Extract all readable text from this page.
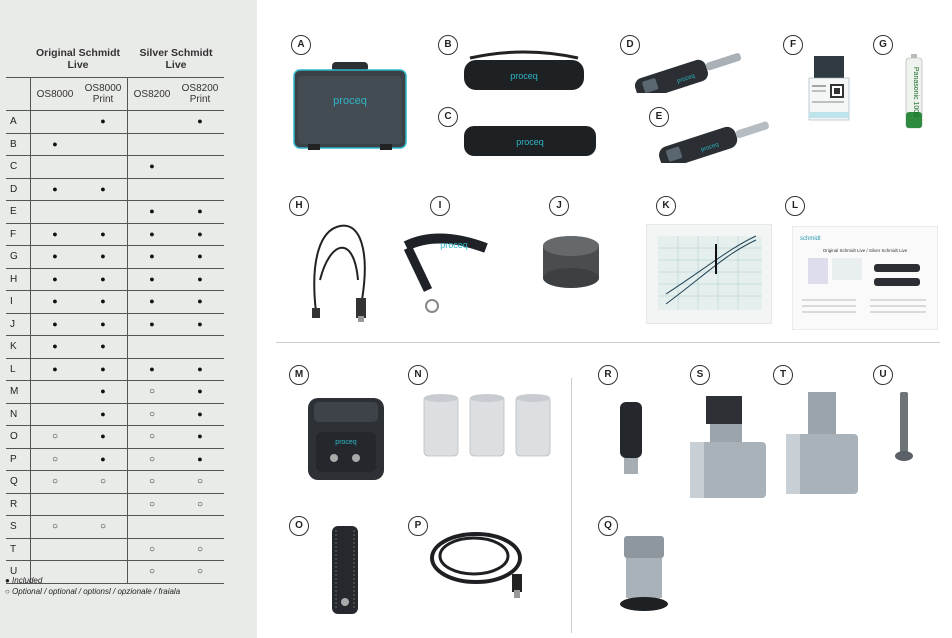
Original Schmidt Live
Silver Schmidt Live
	OS8000	OS8000 Print	OS8200	OS8200 Print
A		●		●
B	●			
C			●	
D	●	●		
E			●	●
F	●	●	●	●
G	●	●	●	●
H	●	●	●	●
I	●	●	●	●
J	●	●	●	●
K	●	●		
L	●	●	●	●
M		●	○	●
N		●	○	●
O	○	●	○	●
P	○	●	○	●
Q	○	○	○	○
R			○	○
S	○	○		
T			○	○
U			○	○
● Included
○ Optional / optional / optionsl / opzionale / fraiala
A	B
C
D
E
F	G
H	I	J	K	L
M	N
O	P	Q
R	S	T	U
proceq
proceq
proceq
proceq
proceq
Panasonic 1000
proceq
schmidt
Original Schmidt Live / Silver Schmidt Live
proceq
